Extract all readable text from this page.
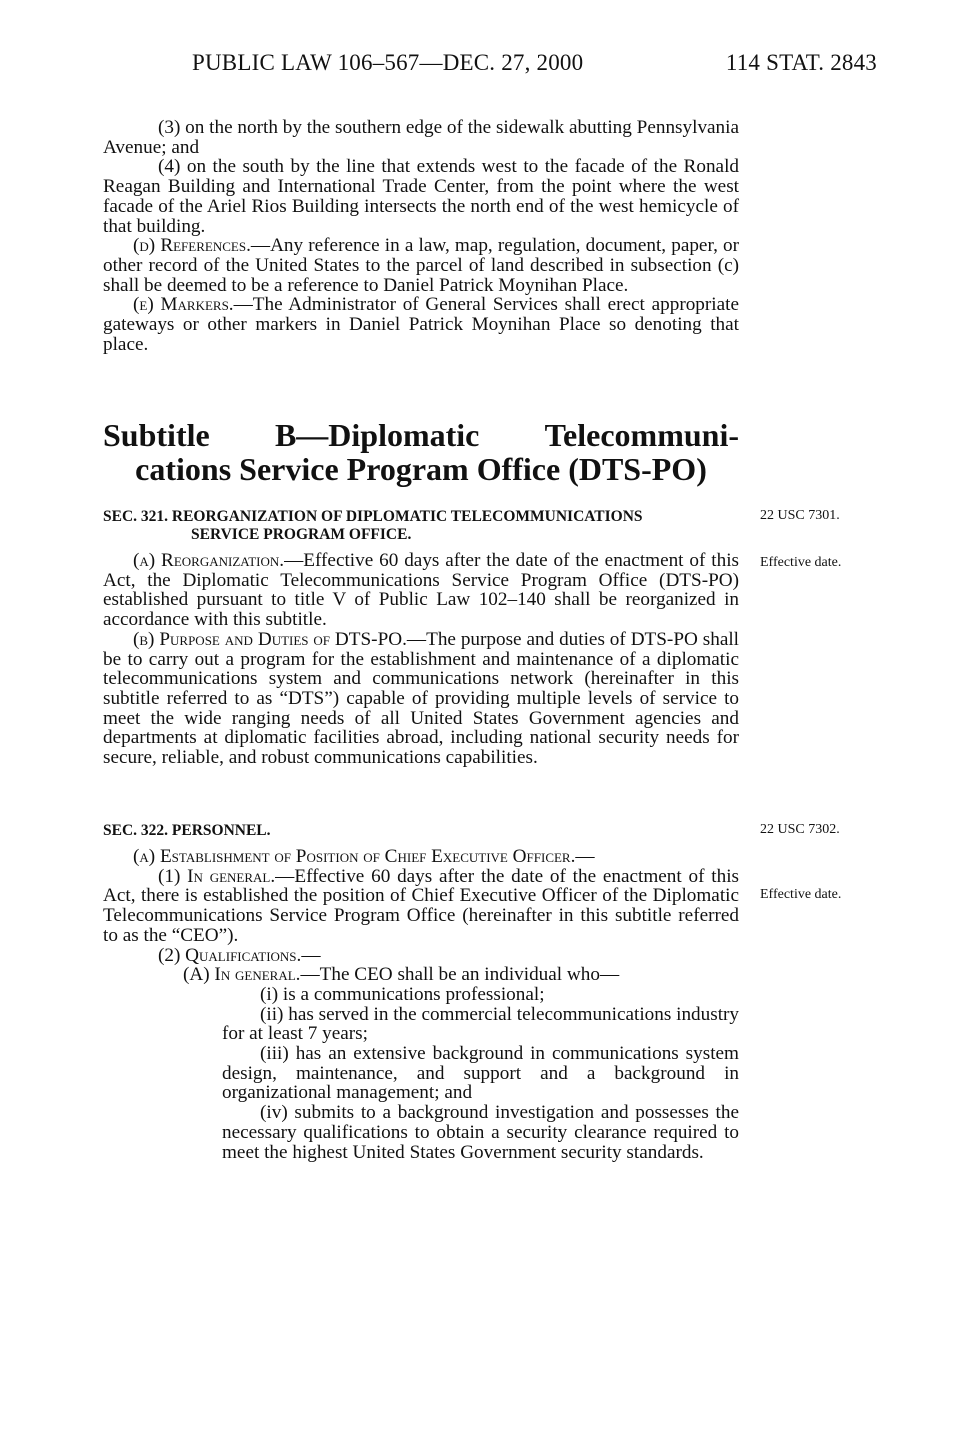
PUBLIC LAW 106–567—DEC. 27, 2000	114 STAT. 2843

(3) on the north by the southern edge of the sidewalk abutting Pennsylvania Avenue; and

(4) on the south by the line that extends west to the facade of the Ronald Reagan Building and International Trade Center, from the point where the west facade of the Ariel Rios Building intersects the north end of the west hemicycle of that building.

(d) References.—Any reference in a law, map, regulation, document, paper, or other record of the United States to the parcel of land described in subsection (c) shall be deemed to be a reference to Daniel Patrick Moynihan Place.

(e) Markers.—The Administrator of General Services shall erect appropriate gateways or other markers in Daniel Patrick Moynihan Place so denoting that place.

Subtitle B—Diplomatic Telecommuni-
cations Service Program Office (DTS-PO)
SEC. 321. REORGANIZATION OF DIPLOMATIC TELECOMMUNICATIONS
SERVICE PROGRAM OFFICE.
22 USC 7301.
Effective date.

(a) Reorganization.—Effective 60 days after the date of the enactment of this Act, the Diplomatic Telecommunications Service Program Office (DTS-PO) established pursuant to title V of Public Law 102–140 shall be reorganized in accordance with this subtitle.

(b) Purpose and Duties of DTS-PO.—The purpose and duties of DTS-PO shall be to carry out a program for the establishment and maintenance of a diplomatic telecommunications system and communications network (hereinafter in this subtitle referred to as “DTS”) capable of providing multiple levels of service to meet the wide ranging needs of all United States Government agencies and departments at diplomatic facilities abroad, including national security needs for secure, reliable, and robust communications capabilities.

SEC. 322. PERSONNEL.	22 USC 7302.
Effective date.

(a) Establishment of Position of Chief Executive Officer.—

(1) In general.—Effective 60 days after the date of the enactment of this Act, there is established the position of Chief Executive Officer of the Diplomatic Telecommunications Service Program Office (hereinafter in this subtitle referred to as the “CEO”).

(2) Qualifications.—

(A) In general.—The CEO shall be an individual who—

(i) is a communications professional;

(ii) has served in the commercial telecommunications industry for at least 7 years;

(iii) has an extensive background in communications system design, maintenance, and support and a background in organizational management; and

(iv) submits to a background investigation and possesses the necessary qualifications to obtain a security clearance required to meet the highest United States Government security standards.
